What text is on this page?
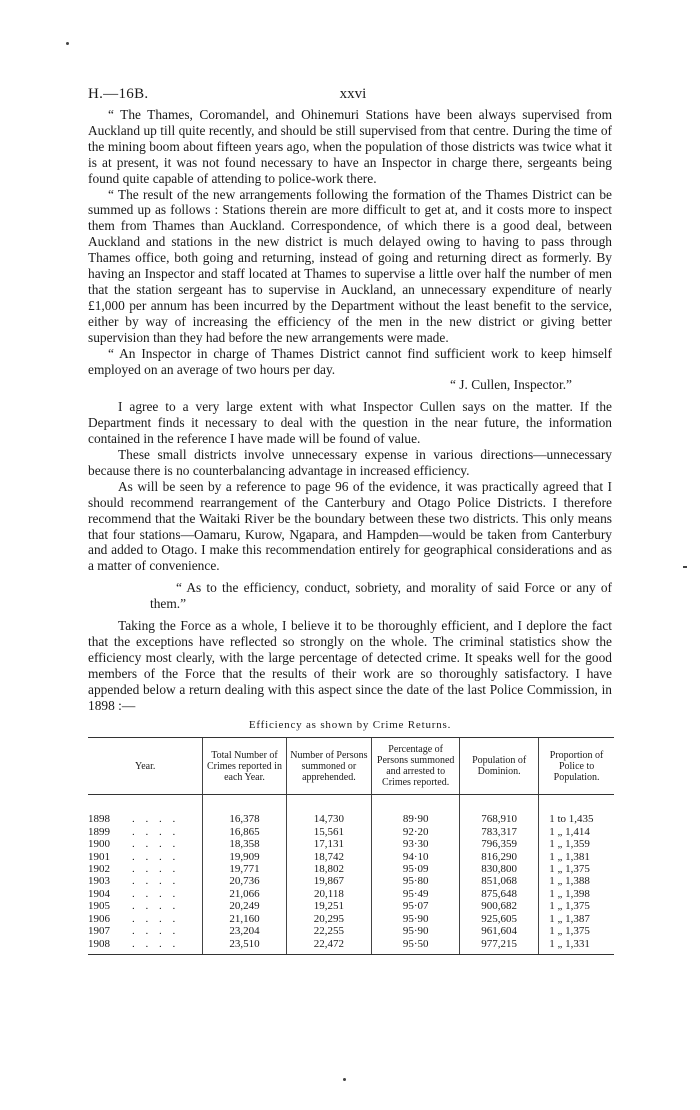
xxvi
H.—16B.

“ The Thames, Coromandel, and Ohinemuri Stations have been always supervised from Auckland up till quite recently, and should be still supervised from that centre. During the time of the mining boom about fifteen years ago, when the population of those districts was twice what it is at present, it was not found necessary to have an Inspector in charge there, sergeants being found quite capable of attending to police-work there.

“ The result of the new arrangements following the formation of the Thames District can be summed up as follows : Stations therein are more difficult to get at, and it costs more to inspect them from Thames than Auckland. Correspondence, of which there is a good deal, between Auckland and stations in the new district is much delayed owing to having to pass through Thames office, both going and returning, instead of going and returning direct as formerly. By having an Inspector and staff located at Thames to supervise a little over half the number of men that the station sergeant has to supervise in Auckland, an unnecessary expenditure of nearly £1,000 per annum has been incurred by the Department without the least benefit to the service, either by way of increasing the efficiency of the men in the new district or giving better supervision than they had before the new arrangements were made.

“ An Inspector in charge of Thames District cannot find sufficient work to keep himself employed on an average of two hours per day.

“ J. Cullen, Inspector.”

I agree to a very large extent with what Inspector Cullen says on the matter. If the Department finds it necessary to deal with the question in the near future, the information contained in the reference I have made will be found of value.

These small districts involve unnecessary expense in various directions—unnecessary because there is no counterbalancing advantage in increased efficiency.

As will be seen by a reference to page 96 of the evidence, it was practically agreed that I should recommend rearrangement of the Canterbury and Otago Police Districts. I therefore recommend that the Waitaki River be the boundary between these two districts. This only means that four stations—Oamaru, Kurow, Ngapara, and Hampden—would be taken from Canterbury and added to Otago. I make this recommendation entirely for geographical considerations and as a matter of convenience.

“ As to the efficiency, conduct, sobriety, and morality of said Force or any of them.”

Taking the Force as a whole, I believe it to be thoroughly efficient, and I deplore the fact that the exceptions have reflected so strongly on the whole. The criminal statistics show the efficiency most clearly, with the large percentage of detected crime. It speaks well for the good members of the Force that the results of their work are so thoroughly satisfactory. I have appended below a return dealing with this aspect since the date of the last Police Commission, in 1898 :—

Efficiency as shown by Crime Returns.

Year.	Total Number of Crimes reported in each Year.	Number of Persons summoned or apprehended.	Percentage of Persons summoned and arrested to Crimes reported.	Population of Dominion.	Proportion of Police to Population.
1898 . . . .	16,378	14,730	89·90	768,910	1 to 1,435
1899 . . . .	16,865	15,561	92·20	783,317	1 „ 1,414
1900 . . . .	18,358	17,131	93·30	796,359	1 „ 1,359
1901 . . . .	19,909	18,742	94·10	816,290	1 „ 1,381
1902 . . . .	19,771	18,802	95·09	830,800	1 „ 1,375
1903 . . . .	20,736	19,867	95·80	851,068	1 „ 1,388
1904 . . . .	21,066	20,118	95·49	875,648	1 „ 1,398
1905 . . . .	20,249	19,251	95·07	900,682	1 „ 1,375
1906 . . . .	21,160	20,295	95·90	925,605	1 „ 1,387
1907 . . . .	23,204	22,255	95·90	961,604	1 „ 1,375
1908 . . . .	23,510	22,472	95·50	977,215	1 „ 1,331
